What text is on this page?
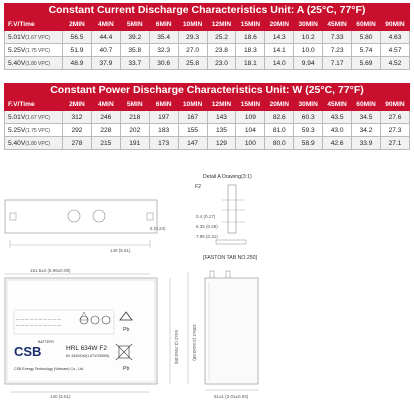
Constant Current Discharge Characteristics Unit: A (25°C, 77°F)
F.V/Time	2MIN	4MIN	5MIN	6MIN	10MIN	12MIN	15MIN	20MIN	30MIN	45MIN	60MIN	90MIN
5.01V(1.67 VPC)	56.5	44.4	39.2	35.4	29.3	25.2	18.6	14.3	10.2	7.33	5.80	4.63
5.25V(1.75 VPC)	51.9	40.7	35.8	32.3	27.0	23.8	18.3	14.1	10.0	7.23	5.74	4.57
5.40V(1.80 VPC)	48.9	37.9	33.7	30.6	25.8	23.0	18.1	14.0	9.94	7.17	5.69	4.52
Constant Power Discharge Characteristics Unit: W (25°C, 77°F)
F.V/Time	2MIN	4MIN	5MIN	6MIN	10MIN	12MIN	15MIN	20MIN	30MIN	45MIN	60MIN	90MIN
5.01V(1.67 VPC)	312	246	218	197	167	143	109	82.6	60.3	43.5	34.5	27.6
5.25V(1.75 VPC)	292	228	202	183	155	135	104	81.0	59.3	43.0	34.2	27.3
5.40V(1.80 VPC)	278	215	191	173	147	129	100	80.0	58.9	42.6	33.9	27.1
140 (5.51)
6 (0.24)
Detail A Drawing(3:1)
F2
0.4 (0.17)
6.35 (0.25)
7.95 (0.31)
[FASTON TAB NO.250]
151.5±2 (5.96±0.08)
— — — — — — — — — —
— — — — — — — — — —
Pb
CSB
BATTERY
HRL 634W F2
6V 34W/Cell(1.67V/15MIN)
CSB Energy Technology (Vietnam) Co., Ltd.	Pb
94±2 (3.70±0.08)	100±2 (3.94±0.08)
140 (5.51)	51±1 (2.01±0.04)
